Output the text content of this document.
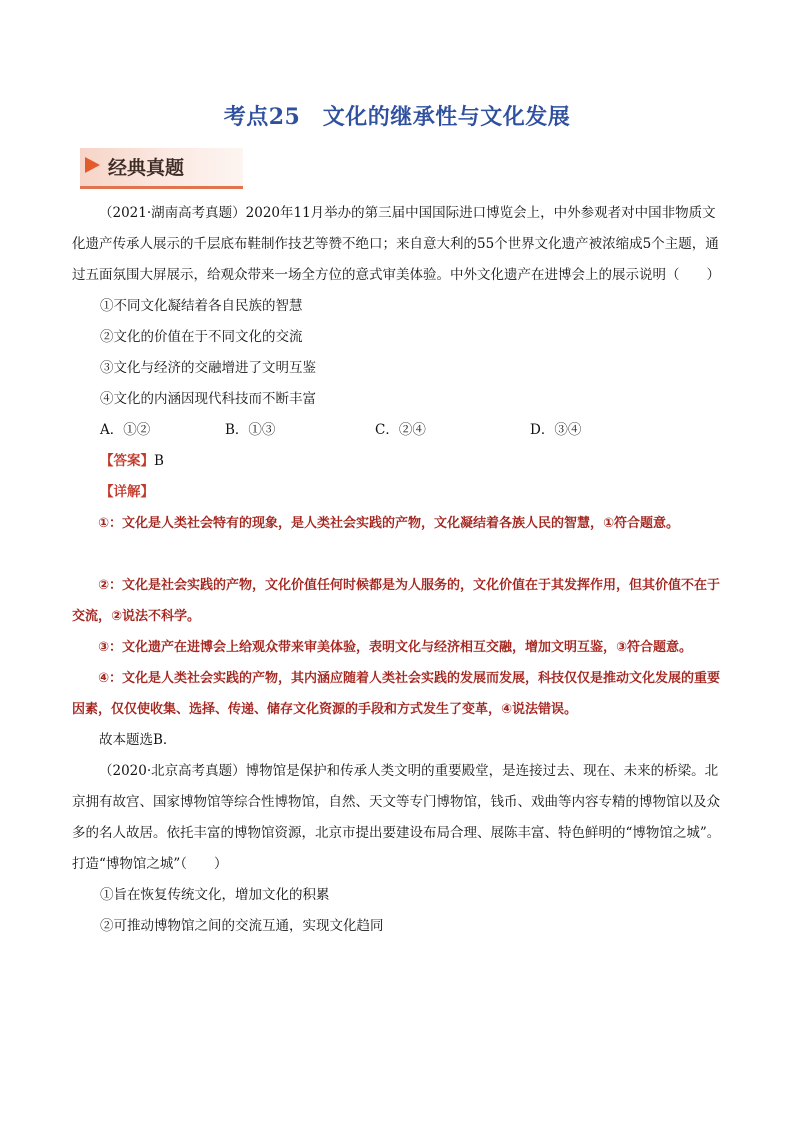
考点25　文化的继承性与文化发展
经典真题

（2021·湖南高考真题）2020年11月举办的第三届中国国际进口博览会上，中外参观者对中国非物质文化遗产传承人展示的千层底布鞋制作技艺等赞不绝口；来自意大利的55个世界文化遗产被浓缩成5个主题，通过五面氛围大屏展示，给观众带来一场全方位的意式审美体验。中外文化遗产在进博会上的展示说明（　　）

①不同文化凝结着各自民族的智慧

②文化的价值在于不同文化的交流

③文化与经济的交融增进了文明互鉴

④文化的内涵因现代科技而不断丰富

A．①②	B．①③	C．②④	D．③④

【答案】B

【详解】

①：文化是人类社会特有的现象，是人类社会实践的产物，文化凝结着各族人民的智慧，①符合题意。

②：文化是社会实践的产物，文化价值任何时候都是为人服务的，文化价值在于其发挥作用，但其价值不在于交流，②说法不科学。

③：文化遗产在进博会上给观众带来审美体验，表明文化与经济相互交融，增加文明互鉴，③符合题意。

④：文化是人类社会实践的产物，其内涵应随着人类社会实践的发展而发展，科技仅仅是推动文化发展的重要因素，仅仅使收集、选择、传递、储存文化资源的手段和方式发生了变革，④说法错误。

故本题选B．

（2020·北京高考真题）博物馆是保护和传承人类文明的重要殿堂，是连接过去、现在、未来的桥梁。北京拥有故宫、国家博物馆等综合性博物馆，自然、天文等专门博物馆，钱币、戏曲等内容专精的博物馆以及众多的名人故居。依托丰富的博物馆资源，北京市提出要建设布局合理、展陈丰富、特色鲜明的“博物馆之城”。打造“博物馆之城”（　　）

①旨在恢复传统文化，增加文化的积累

②可推动博物馆之间的交流互通，实现文化趋同
